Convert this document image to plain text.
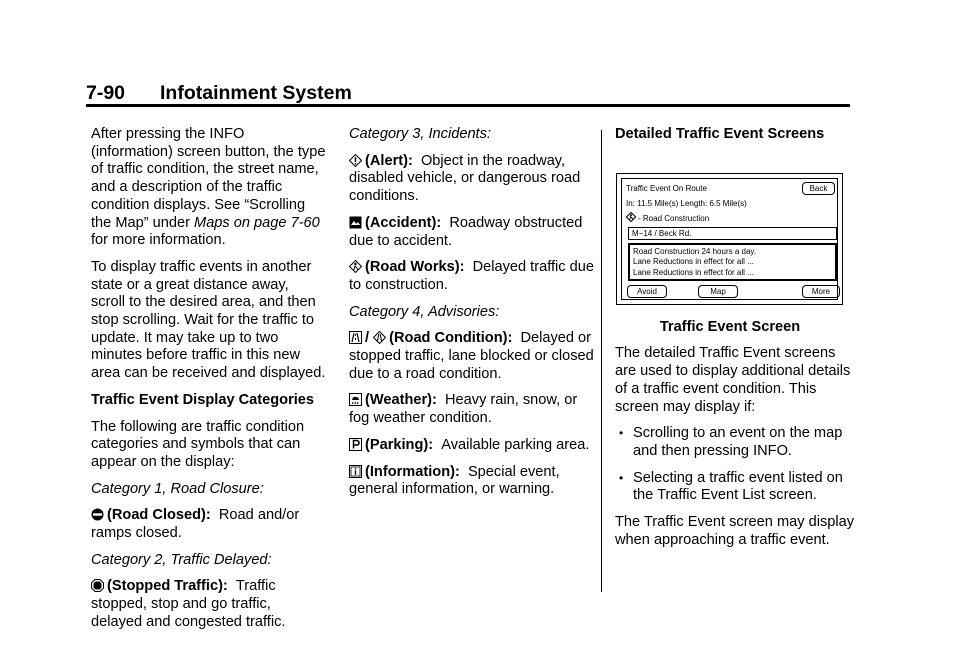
7-90	Infotainment System

After pressing the INFO (information) screen button, the type of traffic condition, the street name, and a description of the traffic condition displays. See “Scrolling the Map” under Maps on page 7-60 for more information.

To display traffic events in another state or a great distance away, scroll to the desired area, and then stop scrolling. Wait for the traffic to update. It may take up to two minutes before traffic in this new area can be received and displayed.

Traffic Event Display Categories

The following are traffic condition categories and symbols that can appear on the display:

Category 1, Road Closure:

(Road Closed): Road and/or ramps closed.

Category 2, Traffic Delayed:

(Stopped Traffic): Traffic stopped, stop and go traffic, delayed and congested traffic.

Category 3, Incidents:

(Alert): Object in the roadway, disabled vehicle, or dangerous road conditions.

(Accident): Roadway obstructed due to accident.

(Road Works): Delayed traffic due to construction.

Category 4, Advisories:

/ (Road Condition): Delayed or stopped traffic, lane blocked or closed due to a road condition.

(Weather): Heavy rain, snow, or fog weather condition.

(Parking): Available parking area.

(Information): Special event, general information, or warning.

Detailed Traffic Event Screens

Traffic Event On Route	Back
In: 11.5 Mile(s) Length: 6.5 Mile(s)
- Road Construction
M−14 / Beck Rd.
Road Construction 24 hours a day.
Lane Reductions in effect for all ...
Lane Reductions in effect for all ...
Avoid	Map	More

Traffic Event Screen

The detailed Traffic Event screens are used to display additional details of a traffic event condition. This screen may display if:

• Scrolling to an event on the map and then pressing INFO.
• Selecting a traffic event listed on the Traffic Event List screen.

The Traffic Event screen may display when approaching a traffic event.
